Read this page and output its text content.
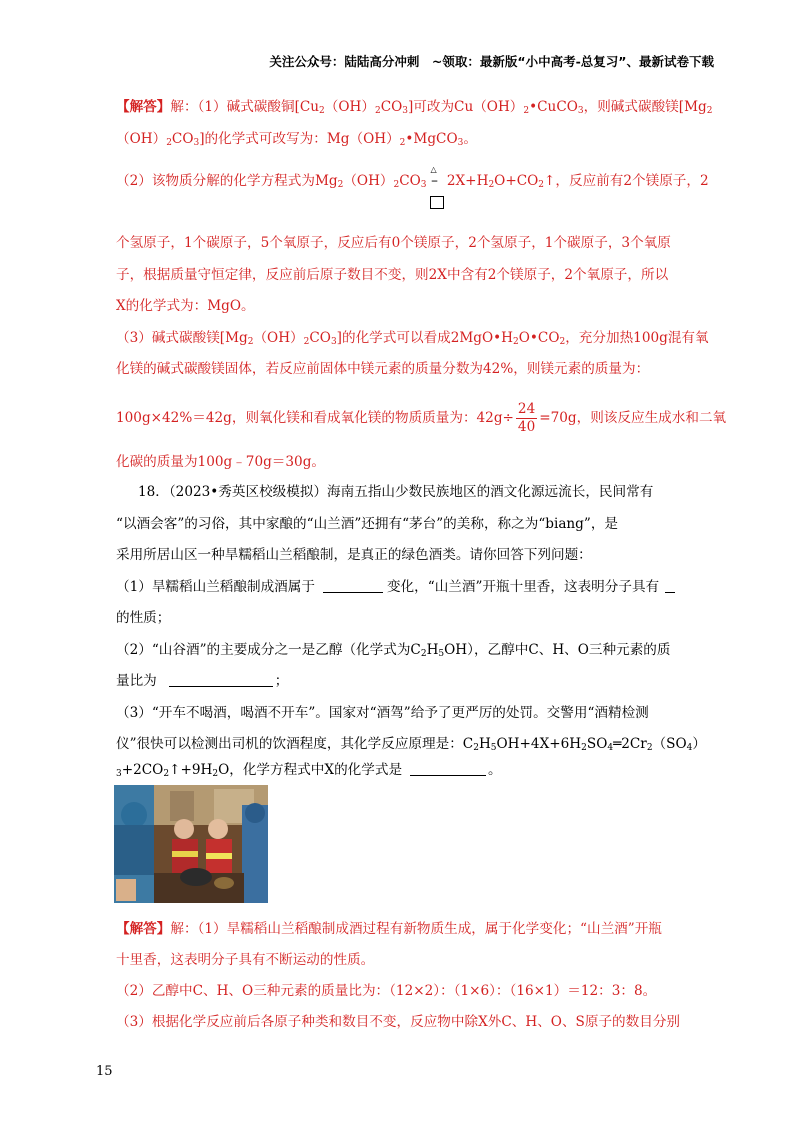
关注公众号：陆陆高分冲刺　~领取：最新版“小中高考-总复习”、最新试卷下载
【解答】解：（1）碱式碳酸铜$[Cu_2(OH)_2CO_3]$可改为$Cu(OH)_2•CuCO_3$，则碱式碳酸镁[$Mg_2$
$(OH)_2CO_3$]的化学式可改写为：$Mg(OH)_2•MgCO_3$。
（2）该物质分解的化学方程式为$Mg_2(OH)_2CO_3$
△
– $2X+H_2O+CO_2↑$，反应前有2个镁原子，2
个氢原子，1个碳原子，5个氧原子，反应后有0个镁原子，2个氢原子，1个碳原子，3个氧原
子，根据质量守恒定律，反应前后原子数目不变，则2X中含有2个镁原子，2个氧原子，所以
X的化学式为：MgO。
（3）碱式碳酸镁$[Mg_2(OH)_2CO_3]$的化学式可以看成$2MgO•H_2O•CO_2$，充分加热100g混有氧
化镁的碱式碳酸镁固体，若反应前固体中镁元素的质量分数为42%，则镁元素的质量为：
100g×42%＝42g，则氧化镁和看成氧化镁的物质质量为：$42g\div \frac{24}{40} =70g$，则该反应生成水和二氧
化碳的质量为100g﹣70g＝30g。
18．（2023•秀英区校级模拟）海南五指山少数民族地区的酒文化源远流长，民间常有
“以酒会客”的习俗，其中家酿的“山兰酒”还拥有“茅台”的美称，称之为“biang”，是
采用所居山区一种旱糯稻山兰稻酿制，是真正的绿色酒类。请你回答下列问题：
（1）旱糯稻山兰稻酿制成酒属于	变化，“山兰酒”开瓶十里香，这表明分子具有
的性质；
（2）“山谷酒”的主要成分之一是乙醇（化学式为$C_2H_5OH$），乙醇中C、H、O三种元素的质
量比为	；
（3）“开车不喝酒，喝酒不开车”。国家对“酒驾”给予了更严厉的处罚。交警用“酒精检测
仪”很快可以检测出司机的饮酒程度，其化学反应原理是：$C_2H_5OH+4X+6H_2SO_4═2Cr_2(SO_4)$
$_3+2CO_2↑+9H_2O$，化学方程式中X的化学式是	。
【解答】解：（1）旱糯稻山兰稻酿制成酒过程有新物质生成，属于化学变化；“山兰酒”开瓶
十里香，这表明分子具有不断运动的性质。
（2）乙醇中C、H、O三种元素的质量比为：（12×2）：（1×6）：（16×1）＝12：3：8。
（3）根据化学反应前后各原子种类和数目不变，反应物中除X外C、H、O、S原子的数目分别
15
